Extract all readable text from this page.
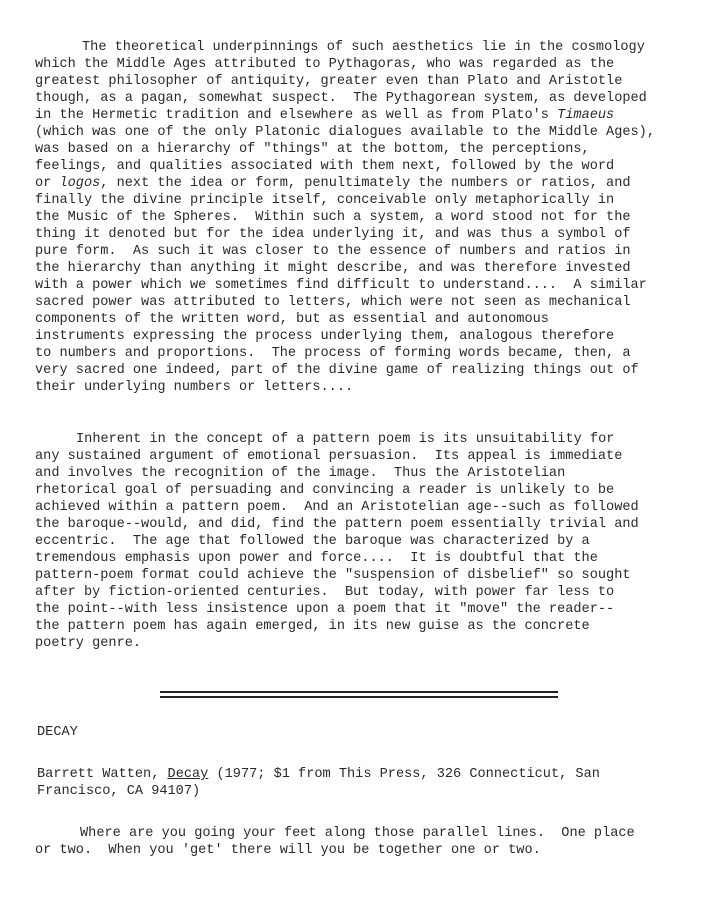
The theoretical underpinnings of such aesthetics lie in the cosmology
which the Middle Ages attributed to Pythagoras, who was regarded as the
greatest philosopher of antiquity, greater even than Plato and Aristotle
though, as a pagan, somewhat suspect.  The Pythagorean system, as developed
in the Hermetic tradition and elsewhere as well as from Plato's Timaeus
(which was one of the only Platonic dialogues available to the Middle Ages),
was based on a hierarchy of "things" at the bottom, the perceptions,
feelings, and qualities associated with them next, followed by the word
or logos, next the idea or form, penultimately the numbers or ratios, and
finally the divine principle itself, conceivable only metaphorically in
the Music of the Spheres.  Within such a system, a word stood not for the
thing it denoted but for the idea underlying it, and was thus a symbol of
pure form.  As such it was closer to the essence of numbers and ratios in
the hierarchy than anything it might describe, and was therefore invested
with a power which we sometimes find difficult to understand....  A similar
sacred power was attributed to letters, which were not seen as mechanical
components of the written word, but as essential and autonomous
instruments expressing the process underlying them, analogous therefore
to numbers and proportions.  The process of forming words became, then, a
very sacred one indeed, part of the divine game of realizing things out of
their underlying numbers or letters....
Inherent in the concept of a pattern poem is its unsuitability for
any sustained argument of emotional persuasion.  Its appeal is immediate
and involves the recognition of the image.  Thus the Aristotelian
rhetorical goal of persuading and convincing a reader is unlikely to be
achieved within a pattern poem.  And an Aristotelian age--such as followed
the baroque--would, and did, find the pattern poem essentially trivial and
eccentric.  The age that followed the baroque was characterized by a
tremendous emphasis upon power and force....  It is doubtful that the
pattern-poem format could achieve the "suspension of disbelief" so sought
after by fiction-oriented centuries.  But today, with power far less to
the point--with less insistence upon a poem that it "move" the reader--
the pattern poem has again emerged, in its new guise as the concrete
poetry genre.
DECAY
Barrett Watten, Decay (1977; $1 from This Press, 326 Connecticut, San
Francisco, CA 94107)
Where are you going your feet along those parallel lines.  One place
or two.  When you 'get' there will you be together one or two.
